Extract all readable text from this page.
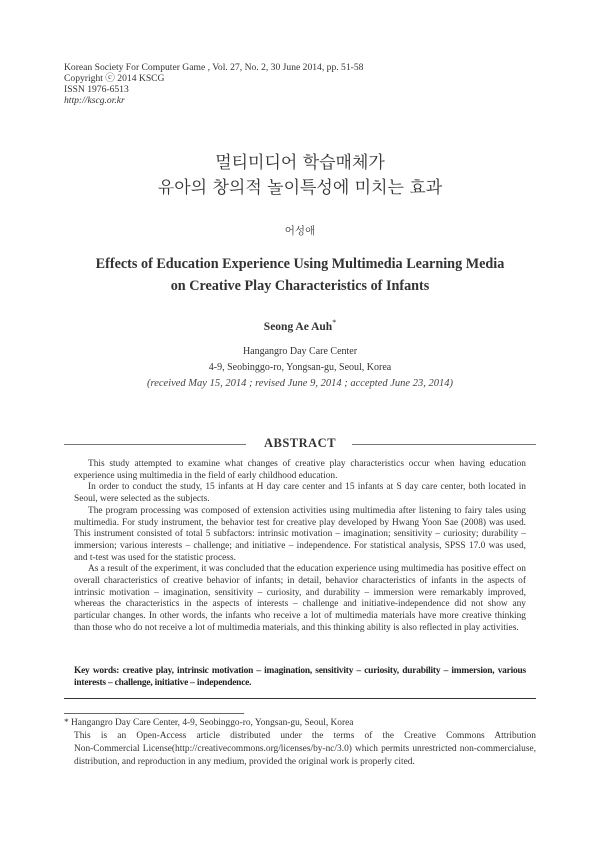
Korean Society For Computer Game , Vol. 27, No. 2, 30 June 2014, pp. 51-58
Copyright ⓒ 2014 KSCG
ISSN 1976-6513
http://kscg.or.kr
멀티미디어 학습매체가
유아의 창의적 놀이특성에 미치는 효과
어성애
Effects of Education Experience Using Multimedia Learning Media
on Creative Play Characteristics of Infants
Seong Ae Auh*
Hangangro Day Care Center
4-9, Seobinggo-ro, Yongsan-gu, Seoul, Korea
(received May 15, 2014 ; revised June 9, 2014 ; accepted June 23, 2014)
ABSTRACT

This study attempted to examine what changes of creative play characteristics occur when having education experience using multimedia in the field of early childhood education.

In order to conduct the study, 15 infants at H day care center and 15 infants at S day care center, both located in Seoul, were selected as the subjects.

The program processing was composed of extension activities using multimedia after listening to fairy tales using multimedia. For study instrument, the behavior test for creative play developed by Hwang Yoon Sae (2008) was used. This instrument consisted of total 5 subfactors: intrinsic motivation – imagination; sensitivity – curiosity; durability – immersion; various interests – challenge; and initiative – independence. For statistical analysis, SPSS 17.0 was used, and t-test was used for the statistic process.

As a result of the experiment, it was concluded that the education experience using multimedia has positive effect on overall characteristics of creative behavior of infants; in detail, behavior characteristics of infants in the aspects of intrinsic motivation – imagination, sensitivity – curiosity, and durability – immersion were remarkably improved, whereas the characteristics in the aspects of interests – challenge and initiative-independence did not show any particular changes. In other words, the infants who receive a lot of multimedia materials have more creative thinking than those who do not receive a lot of multimedia materials, and this thinking ability is also reflected in play activities.

Key words: creative play, intrinsic motivation – imagination, sensitivity – curiosity, durability – immersion, various interests – challenge, initiative – independence.
* Hangangro Day Care Center, 4-9, Seobinggo-ro, Yongsan-gu, Seoul, Korea
This is an Open-Access article distributed under the terms of the Creative Commons Attribution
Non-Commercial License(http://creativecommons.org/licenses/by-nc/3.0) which permits unrestricted non-commercialuse, distribution, and reproduction in any medium, provided the original work is properly cited.
